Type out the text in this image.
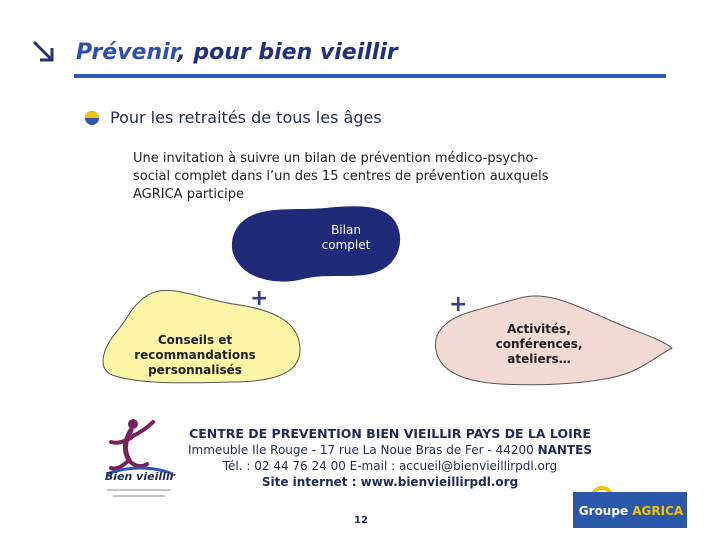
Prévenir, pour bien vieillir
Pour les retraités de tous les âges
Une invitation à suivre un bilan de prévention médico-psycho-
social complet dans l’un des 15 centres de prévention auxquels
AGRICA participe
Bilan
complet
Conseils et
recommandations
personnalisés
Activités,
conférences,
ateliers…
+	+
Bien vieillir
CENTRE DE PREVENTION BIEN VIEILLIR PAYS DE LA LOIRE
Immeuble Ile Rouge - 17 rue La Noue Bras de Fer - 44200 NANTES
Tél. : 02 44 76 24 00 E-mail : accueil@bienvieillirpdl.org
Site internet : www.bienvieillirpdl.org
12
Groupe AGRICA
